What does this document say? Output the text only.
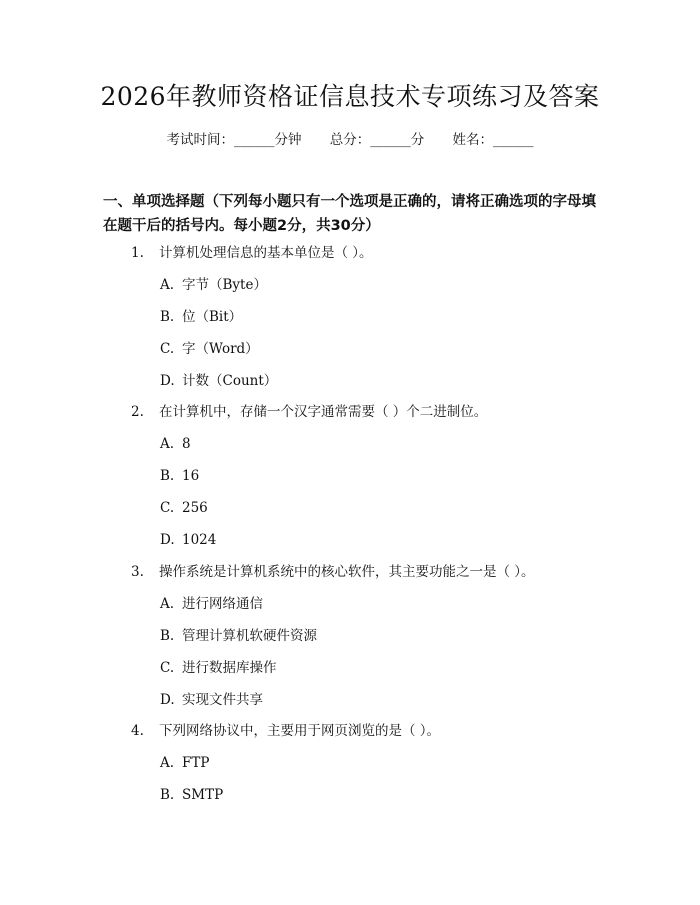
2026年教师资格证信息技术专项练习及答案
考试时间：______分钟 总分：______分 姓名：______
一、单项选择题（下列每小题只有一个选项是正确的，请将正确选项的字母填在题干后的括号内。每小题2分，共30分）
1. 计算机处理信息的基本单位是（ ）。
A. 字节（Byte）
B. 位（Bit）
C. 字（Word）
D. 计数（Count）
2. 在计算机中，存储一个汉字通常需要（ ）个二进制位。
A. 8
B. 16
C. 256
D. 1024
3. 操作系统是计算机系统中的核心软件，其主要功能之一是（ ）。
A. 进行网络通信
B. 管理计算机软硬件资源
C. 进行数据库操作
D. 实现文件共享
4. 下列网络协议中，主要用于网页浏览的是（ ）。
A. FTP
B. SMTP
